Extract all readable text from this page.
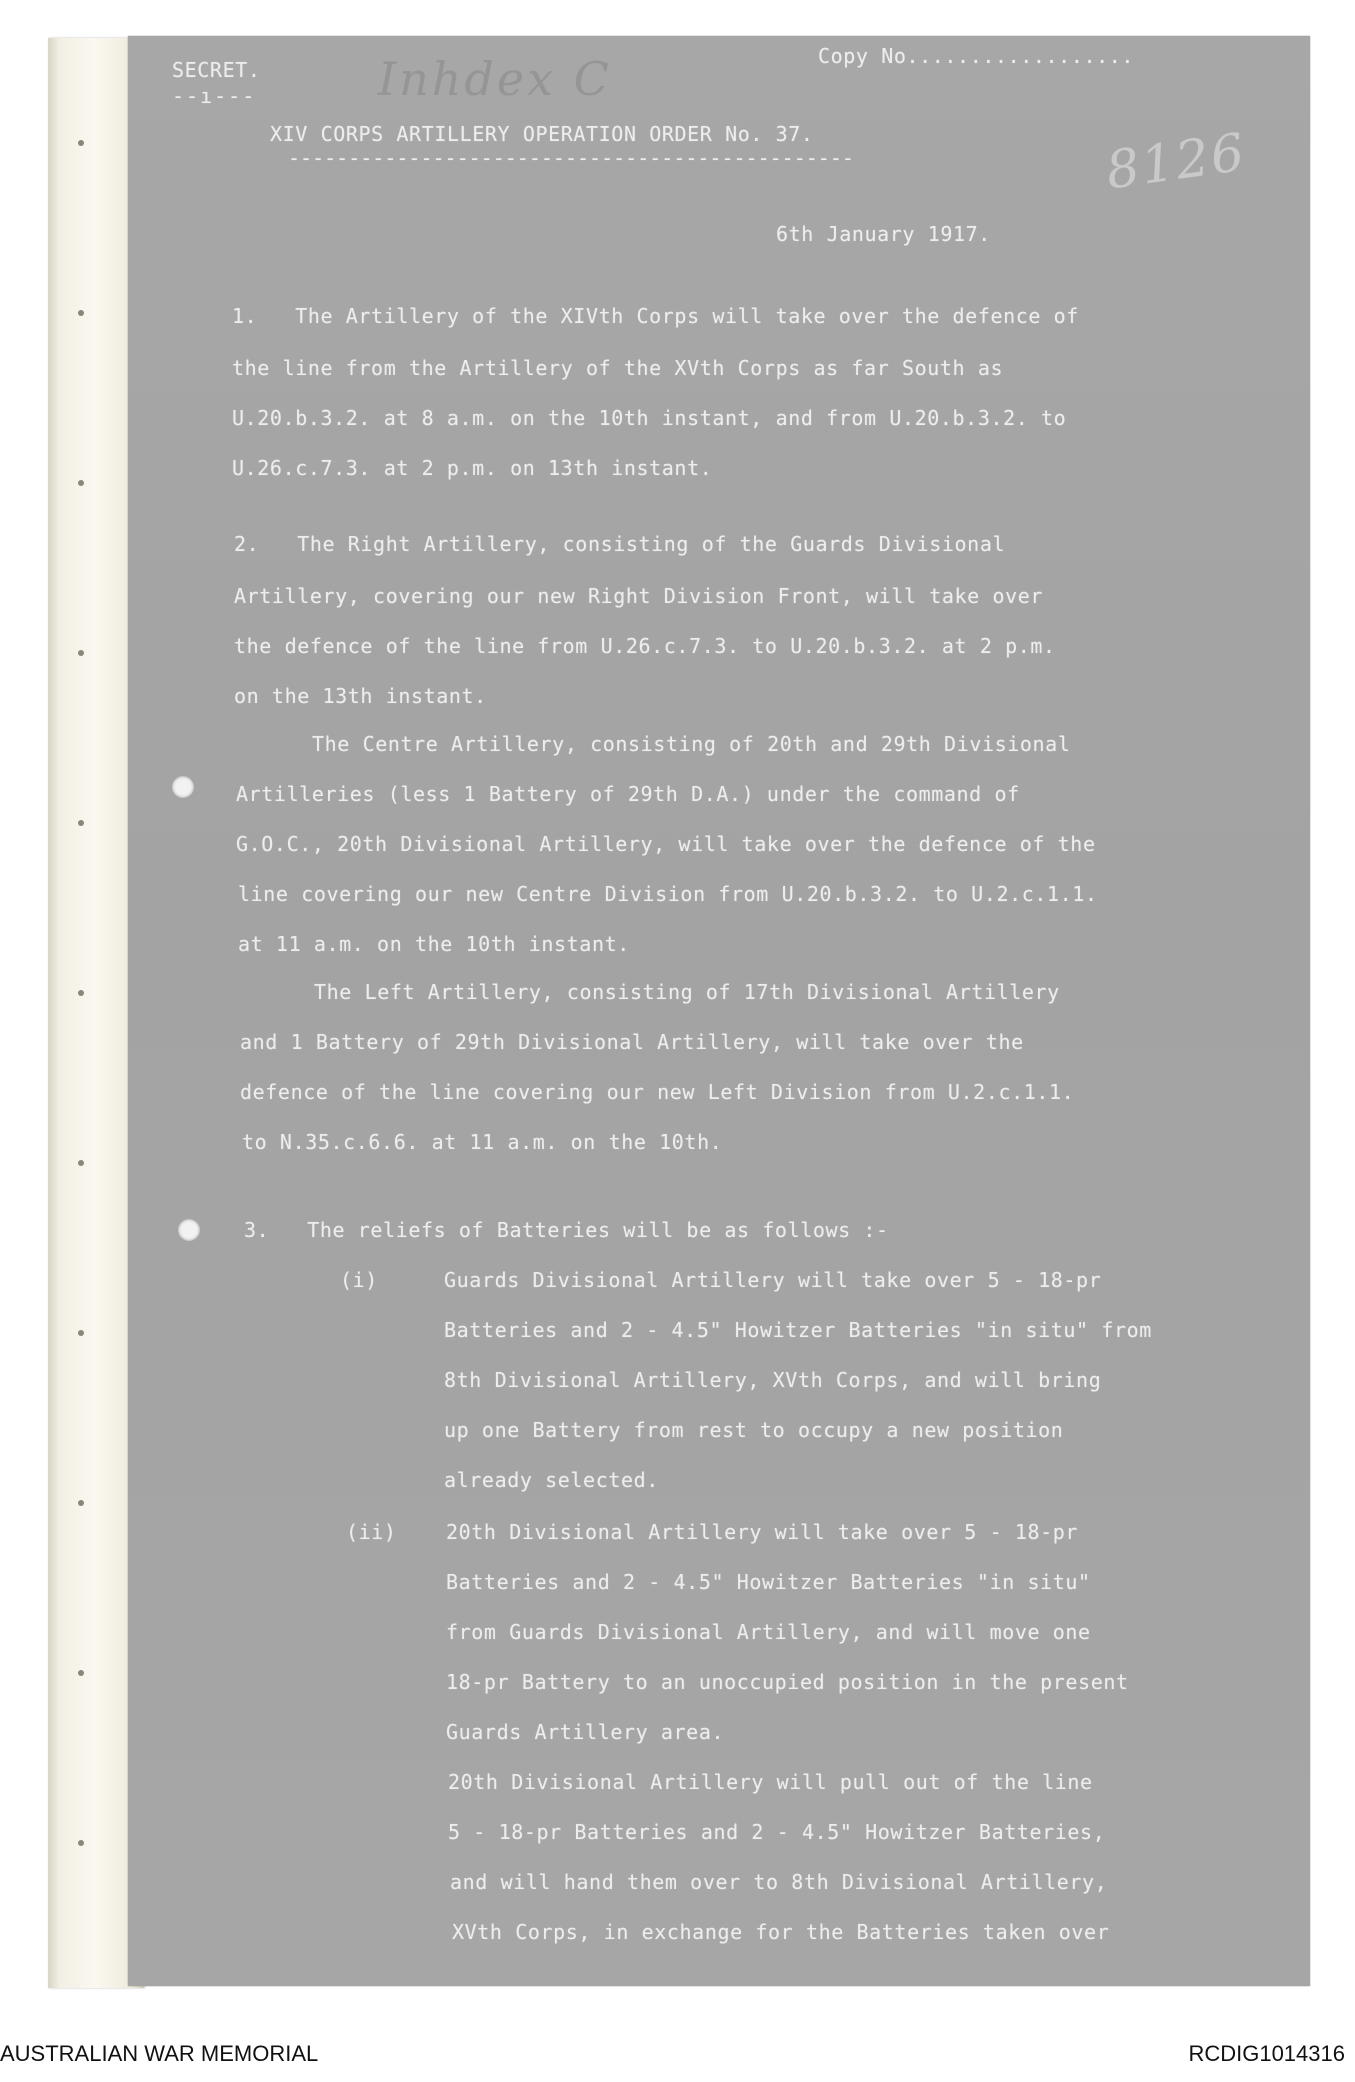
SECRET.
--ı---	Inhdex C	Copy No..................
XIV CORPS ARTILLERY OPERATION ORDER No. 37.
-----------------------------------------------	8126
6th January 1917.
1.   The Artillery of the XIVth Corps will take over the defence of
the line from the Artillery of the XVth Corps as far South as
U.20.b.3.2. at 8 a.m. on the 10th instant, and from U.20.b.3.2. to
U.26.c.7.3. at 2 p.m. on 13th instant.
2.   The Right Artillery, consisting of the Guards Divisional
Artillery, covering our new Right Division Front, will take over
the defence of the line from U.26.c.7.3. to U.20.b.3.2. at 2 p.m.
on the 13th instant.
The Centre Artillery, consisting of 20th and 29th Divisional
Artilleries (less 1 Battery of 29th D.A.) under the command of
G.O.C., 20th Divisional Artillery, will take over the defence of the
line covering our new Centre Division from U.20.b.3.2. to U.2.c.1.1.
at 11 a.m. on the 10th instant.
The Left Artillery, consisting of 17th Divisional Artillery
and 1 Battery of 29th Divisional Artillery, will take over the
defence of the line covering our new Left Division from U.2.c.1.1.
to N.35.c.6.6. at 11 a.m. on the 10th.
3.   The reliefs of Batteries will be as follows :-
(i)	Guards Divisional Artillery will take over 5 - 18-pr
Batteries and 2 - 4.5" Howitzer Batteries "in situ" from
8th Divisional Artillery, XVth Corps, and will bring
up one Battery from rest to occupy a new position
already selected.
(ii) 20th Divisional Artillery will take over 5 - 18-pr
Batteries and 2 - 4.5" Howitzer Batteries "in situ"
from Guards Divisional Artillery, and will move one
18-pr Battery to an unoccupied position in the present
Guards Artillery area.
20th Divisional Artillery will pull out of the line
5 - 18-pr Batteries and 2 - 4.5" Howitzer Batteries,
and will hand them over to 8th Divisional Artillery,
XVth Corps, in exchange for the Batteries taken over
AUSTRALIAN WAR MEMORIAL	RCDIG1014316
